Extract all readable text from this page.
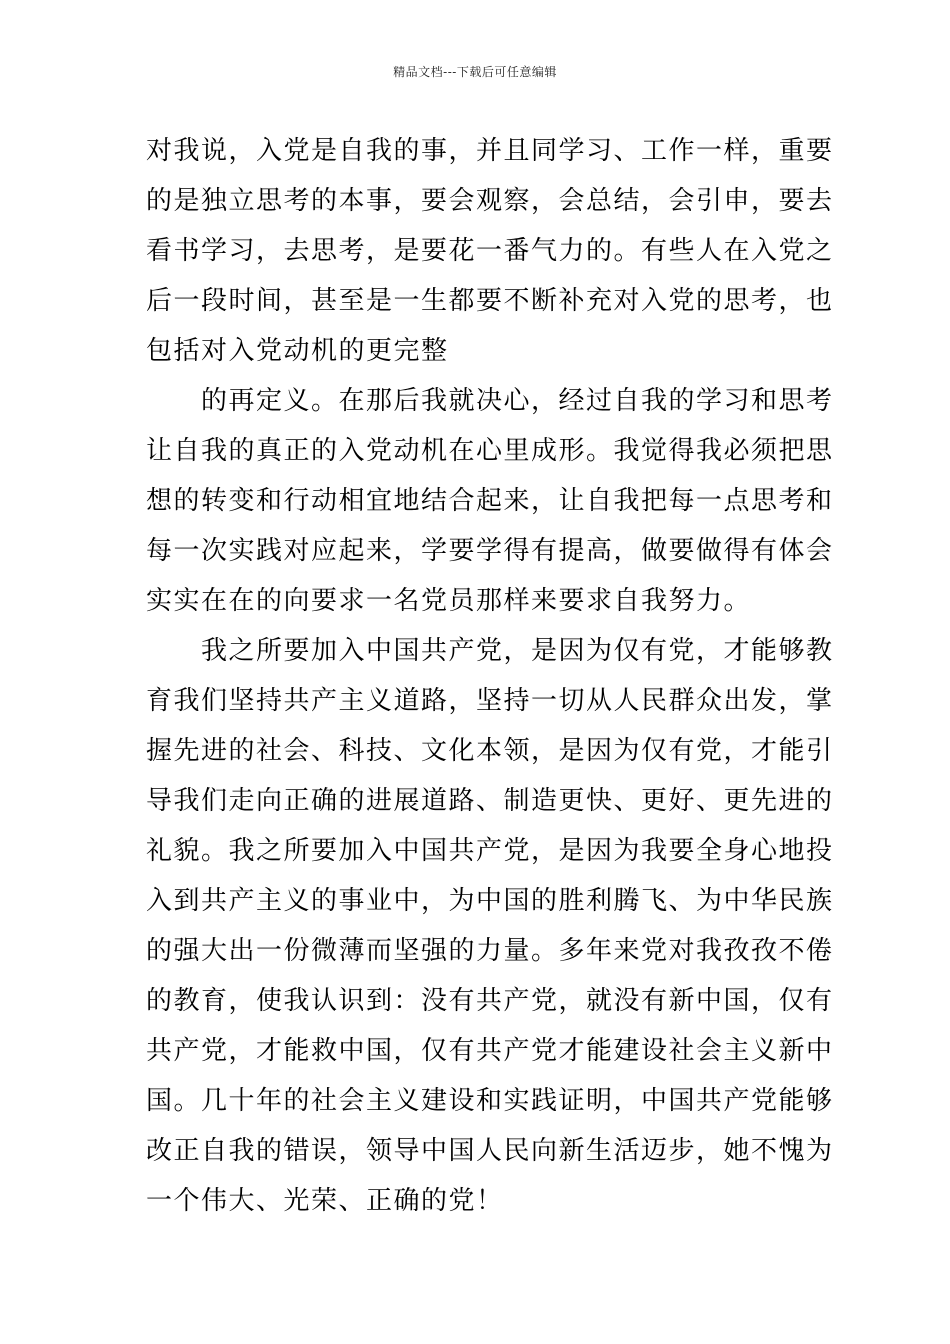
精品文档---下载后可任意编辑
对我说，入党是自我的事，并且同学习、工作一样，重要
的是独立思考的本事，要会观察，会总结，会引申，要去
看书学习，去思考，是要花一番气力的。有些人在入党之
后一段时间，甚至是一生都要不断补充对入党的思考，也
包括对入党动机的更完整
的再定义。在那后我就决心，经过自我的学习和思考
让自我的真正的入党动机在心里成形。我觉得我必须把思
想的转变和行动相宜地结合起来，让自我把每一点思考和
每一次实践对应起来，学要学得有提高，做要做得有体会
实实在在的向要求一名党员那样来要求自我努力。
我之所要加入中国共产党，是因为仅有党，才能够教
育我们坚持共产主义道路，坚持一切从人民群众出发，掌
握先进的社会、科技、文化本领，是因为仅有党，才能引
导我们走向正确的进展道路、制造更快、更好、更先进的
礼貌。我之所要加入中国共产党，是因为我要全身心地投
入到共产主义的事业中，为中国的胜利腾飞、为中华民族
的强大出一份微薄而坚强的力量。多年来党对我孜孜不倦
的教育，使我认识到：没有共产党，就没有新中国，仅有
共产党，才能救中国，仅有共产党才能建设社会主义新中
国。几十年的社会主义建设和实践证明，中国共产党能够
改正自我的错误，领导中国人民向新生活迈步，她不愧为
一个伟大、光荣、正确的党！
